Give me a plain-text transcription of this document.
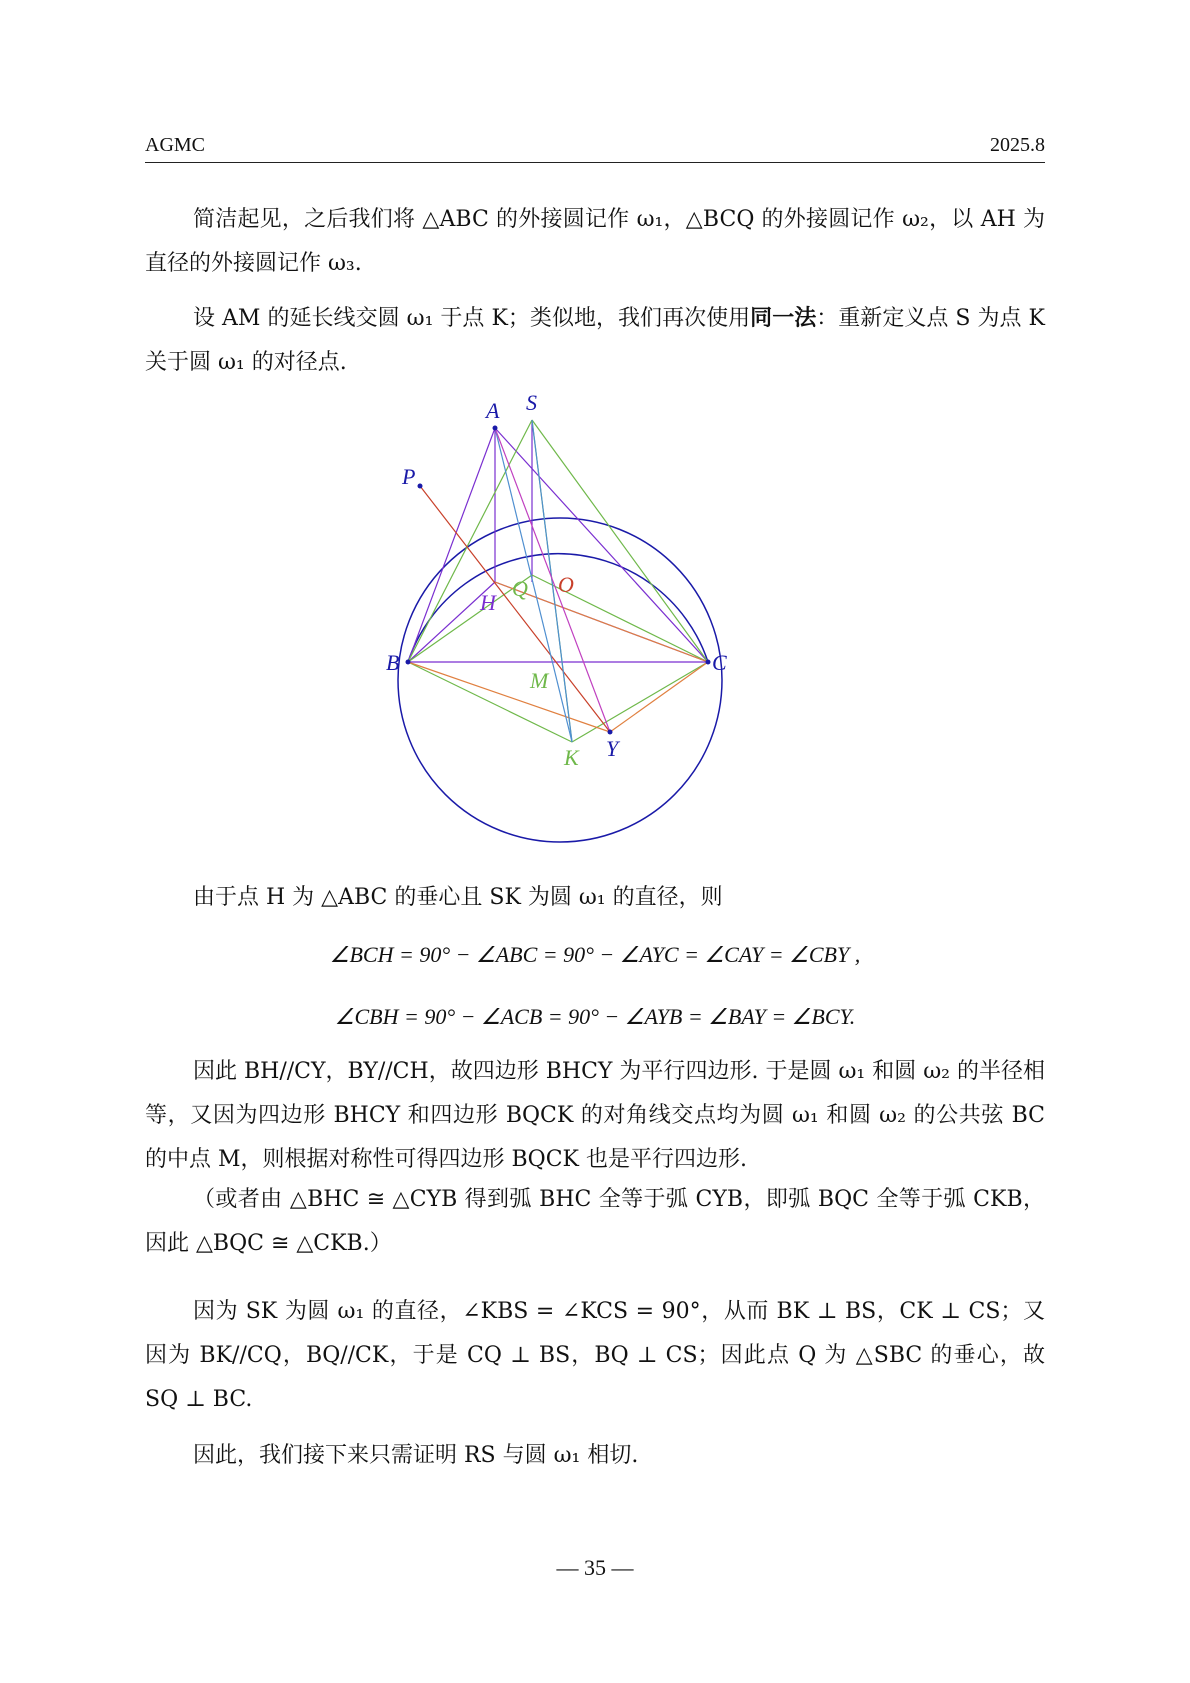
AGMC	2025.8
简洁起见，之后我们将 △ABC 的外接圆记作 ω₁，△BCQ 的外接圆记作 ω₂，以 AH 为直径的外接圆记作 ω₃.
设 AM 的延长线交圆 ω₁ 于点 K；类似地，我们再次使用同一法：重新定义点 S 为点 K 关于圆 ω₁ 的对径点.
A S
P
H
Q O
B	C
M
K Y
由于点 H 为 △ABC 的垂心且 SK 为圆 ω₁ 的直径，则
∠BCH = 90° − ∠ABC = 90° − ∠AYC = ∠CAY = ∠CBY ,
∠CBH = 90° − ∠ACB = 90° − ∠AYB = ∠BAY = ∠BCY.
因此 BH//CY，BY//CH，故四边形 BHCY 为平行四边形. 于是圆 ω₁ 和圆 ω₂ 的半径相等，又因为四边形 BHCY 和四边形 BQCK 的对角线交点均为圆 ω₁ 和圆 ω₂ 的公共弦 BC 的中点 M，则根据对称性可得四边形 BQCK 也是平行四边形.
（或者由 △BHC ≅ △CYB 得到弧 BHC 全等于弧 CYB，即弧 BQC 全等于弧 CKB，因此 △BQC ≅ △CKB.）
因为 SK 为圆 ω₁ 的直径，∠KBS = ∠KCS = 90°，从而 BK ⊥ BS，CK ⊥ CS；又因为 BK//CQ，BQ//CK，于是 CQ ⊥ BS，BQ ⊥ CS；因此点 Q 为 △SBC 的垂心，故 SQ ⊥ BC.
因此，我们接下来只需证明 RS 与圆 ω₁ 相切.
— 35 —
